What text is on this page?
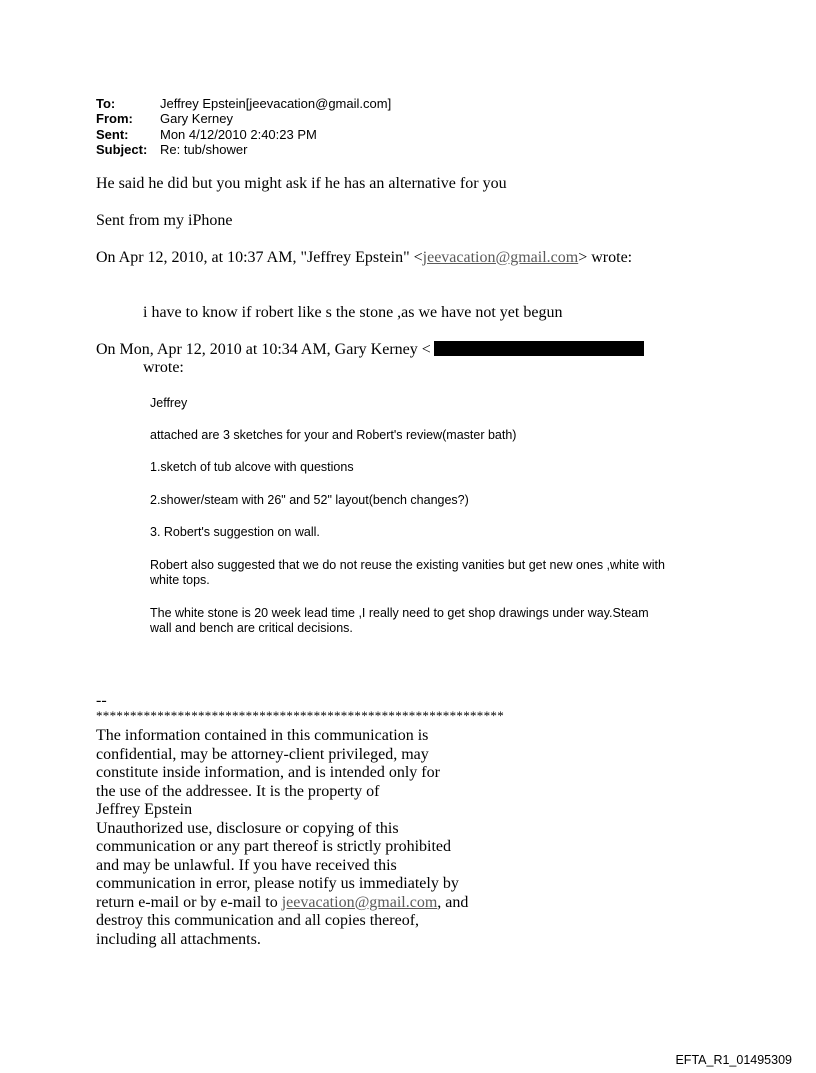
To:	Jeffrey Epstein[jeevacation@gmail.com]
From: Gary Kerney
Sent: Mon 4/12/2010 2:40:23 PM
Subject: Re: tub/shower
He said he did but you might ask if he has an alternative for you
Sent from my iPhone
On Apr 12, 2010, at 10:37 AM, "Jeffrey Epstein" <jeevacation@gmail.com> wrote:
i have to know if robert like s the stone ,as we have not yet begun
On Mon, Apr 12, 2010 at 10:34 AM, Gary Kerney <
wrote:
Jeffrey
attached are 3 sketches for your and Robert's review(master bath)
1.sketch of tub alcove with questions
2.shower/steam with 26" and 52" layout(bench changes?)
3. Robert's suggestion on wall.
Robert also suggested that we do not reuse the existing vanities but get new ones ,white with
white tops.
The white stone is 20 week lead time ,I really need to get shop drawings under way.Steam
wall and bench are critical decisions.
--
************************************************************
The information contained in this communication is
confidential, may be attorney-client privileged, may
constitute inside information, and is intended only for
the use of the addressee. It is the property of
Jeffrey Epstein
Unauthorized use, disclosure or copying of this
communication or any part thereof is strictly prohibited
and may be unlawful. If you have received this
communication in error, please notify us immediately by
return e-mail or by e-mail to jeevacation@gmail.com, and
destroy this communication and all copies thereof,
including all attachments.
EFTA_R1_01495309
